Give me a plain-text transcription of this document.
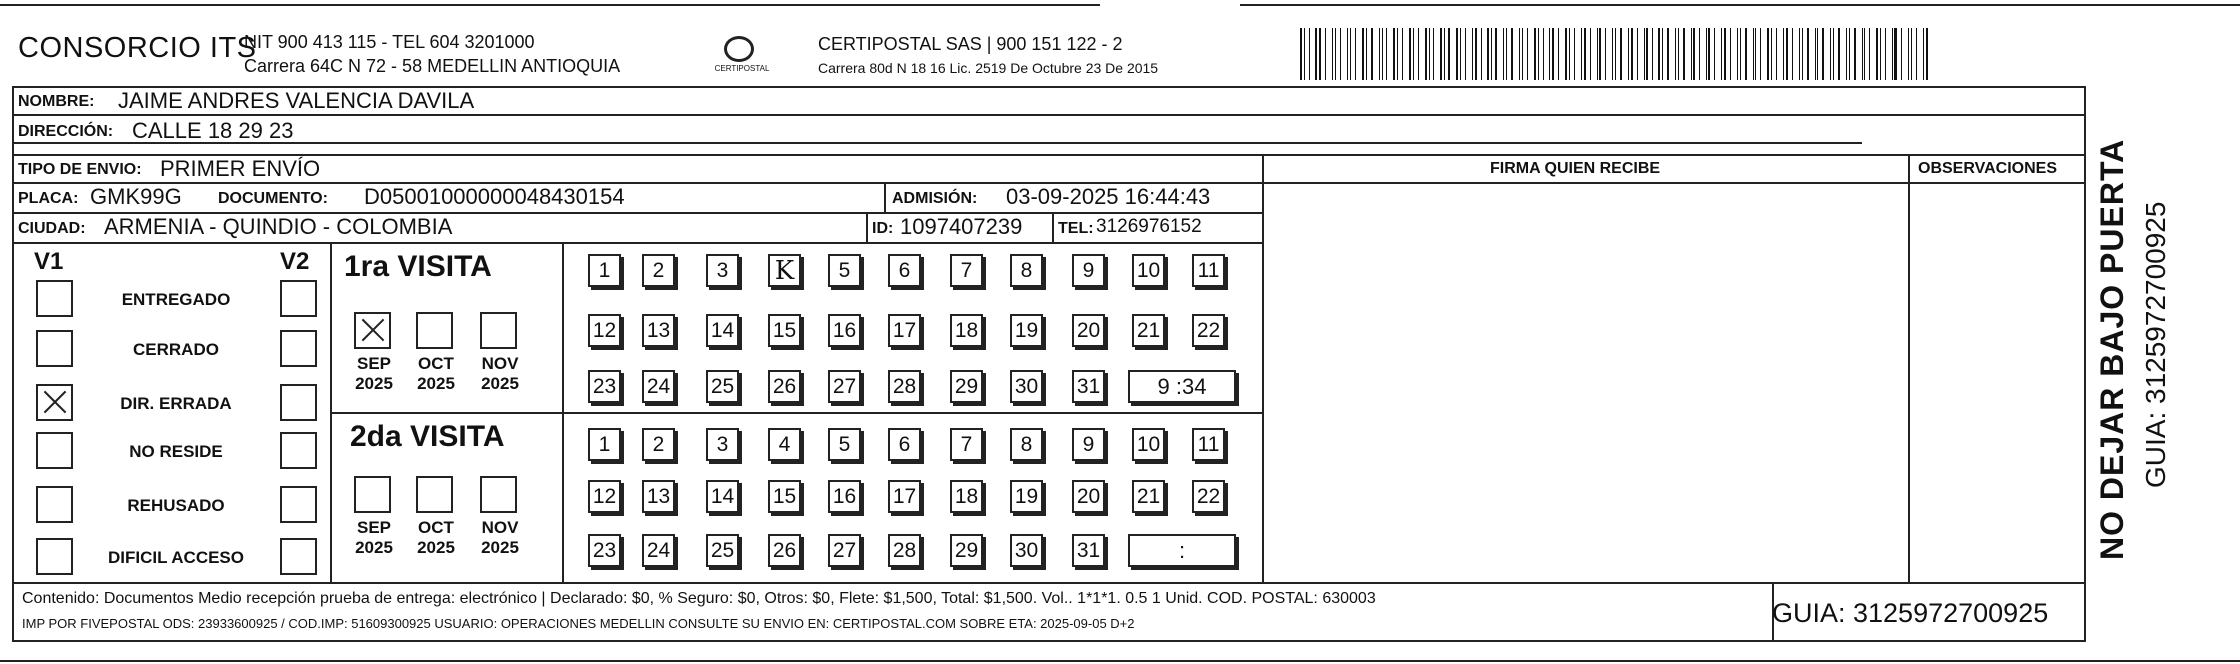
CONSORCIO ITS
NIT 900 413 115 - TEL 604 3201000
Carrera 64C N 72 - 58 MEDELLIN ANTIOQUIA	CERTIPOSTAL
CERTIPOSTAL SAS | 900 151 122 - 2
Carrera 80d N 18 16 Lic. 2519 De Octubre 23 De 2015
NOMBRE: JAIME ANDRES VALENCIA DAVILA
DIRECCIÓN: CALLE 18 29 23
TIPO DE ENVIO: PRIMER ENVÍO	FIRMA QUIEN RECIBE	OBSERVACIONES
PLACA: GMK99G DOCUMENTO: D05001000000048430154	ADMISIÓN: 03-09-2025 16:44:43
CIUDAD: ARMENIA - QUINDIO - COLOMBIA	ID: 1097407239 TEL: 3126976152
V1	V2
ENTREGADO
CERRADO
DIR. ERRADA
NO RESIDE
REHUSADO
DIFICIL ACCESO
1ra VISITA
2da VISITA
SEP
2025
OCT
2025
NOV
2025
1	2	3	K	5	6	7	8	9	10 11
12 13 14 15 16 17 18 19 20 21 22
23 24 25 26 27 28 29 30 31	9 :34
SEP
2025
OCT
2025
NOV
2025
1	2	3	4	5	6	7	8	9	10 11
12 13 14 15 16 17 18 19 20 21 22
23 24 25 26 27 28 29 30 31	:
Contenido: Documentos Medio recepción prueba de entrega: electrónico | Declarado: $0, % Seguro: $0, Otros: $0, Flete: $1,500, Total: $1,500. Vol.. 1*1*1. 0.5 1 Unid. COD. POSTAL: 630003
IMP POR FIVEPOSTAL ODS: 23933600925 / COD.IMP: 51609300925 USUARIO: OPERACIONES MEDELLIN CONSULTE SU ENVIO EN: CERTIPOSTAL.COM SOBRE ETA: 2025-09-05 D+2	GUIA: 3125972700925
NO DEJAR BAJO PUERTA GUIA: 3125972700925
